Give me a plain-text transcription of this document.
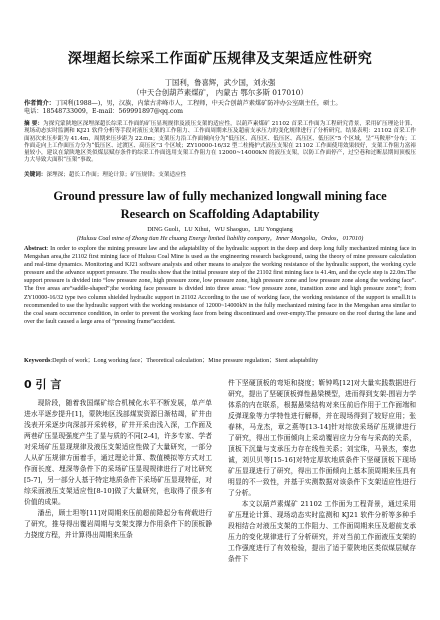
深埋超长综采工作面矿压规律及支架适应性研究
丁国利，鲁喜辉，武少国，刘永强
（中天合创葫芦素煤矿， 内蒙古 鄂尔多斯 017010）
作者简介：丁国利(1988—)，男，汉族，内蒙古赤峰市人，工程师，中天合创葫芦素煤矿防冲办公室副主任，硕士。
电话：18548733009，E-mail：569991897@qq.com
摘 要：为探究蒙陕地区深埋深超长综采工作面的矿压显现规律及液压支架的适应性，以葫芦素煤矿 21102 首采工作面为工程研究背景，采用矿压理论计算、现场动态实时监测和 KJ21 软件分析等手段对液压支架的工作阻力、工作面周期来压及超前支承压力的变化规律进行了分析研究。结果表明：21102 首采工作面初次来压步距为 41.4m，周期来压步距为 22.0m；支架压力沿工作面倾向分为“低压区、高压区、低压区、高压区、低压区”5 个区域，呈“马鞍形”分布；工作面走向上工作面压力分为“低压区、过渡区、高压区”3 个区域；ZY10000-16/32 型二柱掩护式液压支架在 21102 工作面使用效果较好，支架工作阻力富裕量较小，建议在蒙陕地区类似煤层赋存条件的综采工作面选用支架工作阻力在 12000~14000kN 的液压支架，以防工作面停产，过空巷和过断层期间顶板压力大导致大面积“压架”事故。
关键词：深埋深；超长工作面；理论计算；矿压规律；支架适应性
Ground pressure law of fully mechanized longwall mining face
Research on Scaffolding Adaptability
DING Guoli，LU Xihui，WU Shaoguo，LIU Yongqiang
(Hulusu Coal mine of Zhong tian He chuang Energy limited liability company，Inner Mongolia，Ordos，017010)
Abstract: In order to explore the mining pressure law and the adaptability of the hydraulic support in the deep and deep long fully mechanized mining face in Mengshan area,the 21102 first mining face of Hulusu Coal Mine is used as the engineering research background, using the theory of mine pressure calculation and real-time dynamics. Monitoring and KJ21 software analysis and other means to analyze the working resistance of the hydraulic support, the working cycle pressure and the advance support pressure. The results show that the initial pressure step of the 21102 first mining face is 41.4m, and the cycle step is 22.0m.The support pressure is divided into “low pressure zone, high pressure zone, low pressure zone, high pressure zone and low pressure zone along the working face”. The five areas are“saddle-shaped”;the working face pressure is divided into three areas: “low pressure zone, transition zone and high pressure zone”; from ZY10000-16/32 type two column shielded hydraulic support in 21102 According to the use of working face, the working resistance of the support is small.It is recommended to use the hydraulic support with the working resistance of 12000~14000kN in the fully mechanized mining face in the Mengshan area similar to the coal seam occurrence condition, in order to prevent the working face from being discontinued and over-empty.The pressure on the roof during the lane and over the fault caused a large area of “pressing frame”accident.
Keywords:Depth of work；Long working face；Theoretical calculation；Mine pressure regulation；Stent adaptability
0 引 言

现阶段，随着我国煤矿综合机械化水平不断发展，单产单进水平逐步提升[1]，蒙陕地区浅部煤炭资源日渐枯竭，矿井由浅表开采逐步向深部开采转移，矿井开采由浅入深，工作面及两巷矿压显现强度产生了显与质的不同[2-4]，许多专家、学者对采场矿压显现规律及液压支架适应性做了大量研究，一部分人从矿压规律方面着手，通过理论计算、数值模拟等方式对工作面长度、埋深等条件下的采场矿压显现规律进行了对比研究[5-7]，另一部分人基于特定地质条件下采场矿压显现特征，对综采面液压支架适应性[8-10]做了大量研究，也取得了很多有价值的成果。

潘岳，顾士坦等[11]对周期来压前超前降起分布荷载进行了研究，推导得出覆岩周期与支架支撑力作用条件下的顶板静力挠度方程，并计算得出周期来压条

件下坚硬顶板的弯矩和挠度；靳钟鸣[12]对大量实践数据进行研究，提出了坚硬顶板弹性悬梁模型，进而得到支架-围岩力学体系的内在联系，根据悬梁结构对来压前后作用于工作面端和反弹现象等力学特性进行解释，并在现场得到了较好应用；张春林，马龙杰，章之燕等[13-14]针对综放采场矿压规律进行了研究，得出工作面倾向上采动覆岩应力分布与采高的关系，顶板下沉量与支承压力存在线性关系；刘宝珠，马景杰，秦忠诚，刘贝贝等[15-16]对特定厚软地质条件下坚硬顶板下现场矿压显现进行了研究，得出工作面倾向上基本顶周期来压具有明显的不一致性，并基于实测数据对该条件下支架适应性进行了分析。

本文以葫芦素煤矿 21102 工作面为工程背景，通过采用矿压理论计算、现场动态实时监测和 KJ21 软件分析等多种手段相结合对液压支架的工作阻力、工作面周期来压及超前支承压力的变化规律进行了分析研究，并对当前工作面液压支架的工作强度进行了有效检验，提出了适于蒙陕地区类似煤层赋存条件下
